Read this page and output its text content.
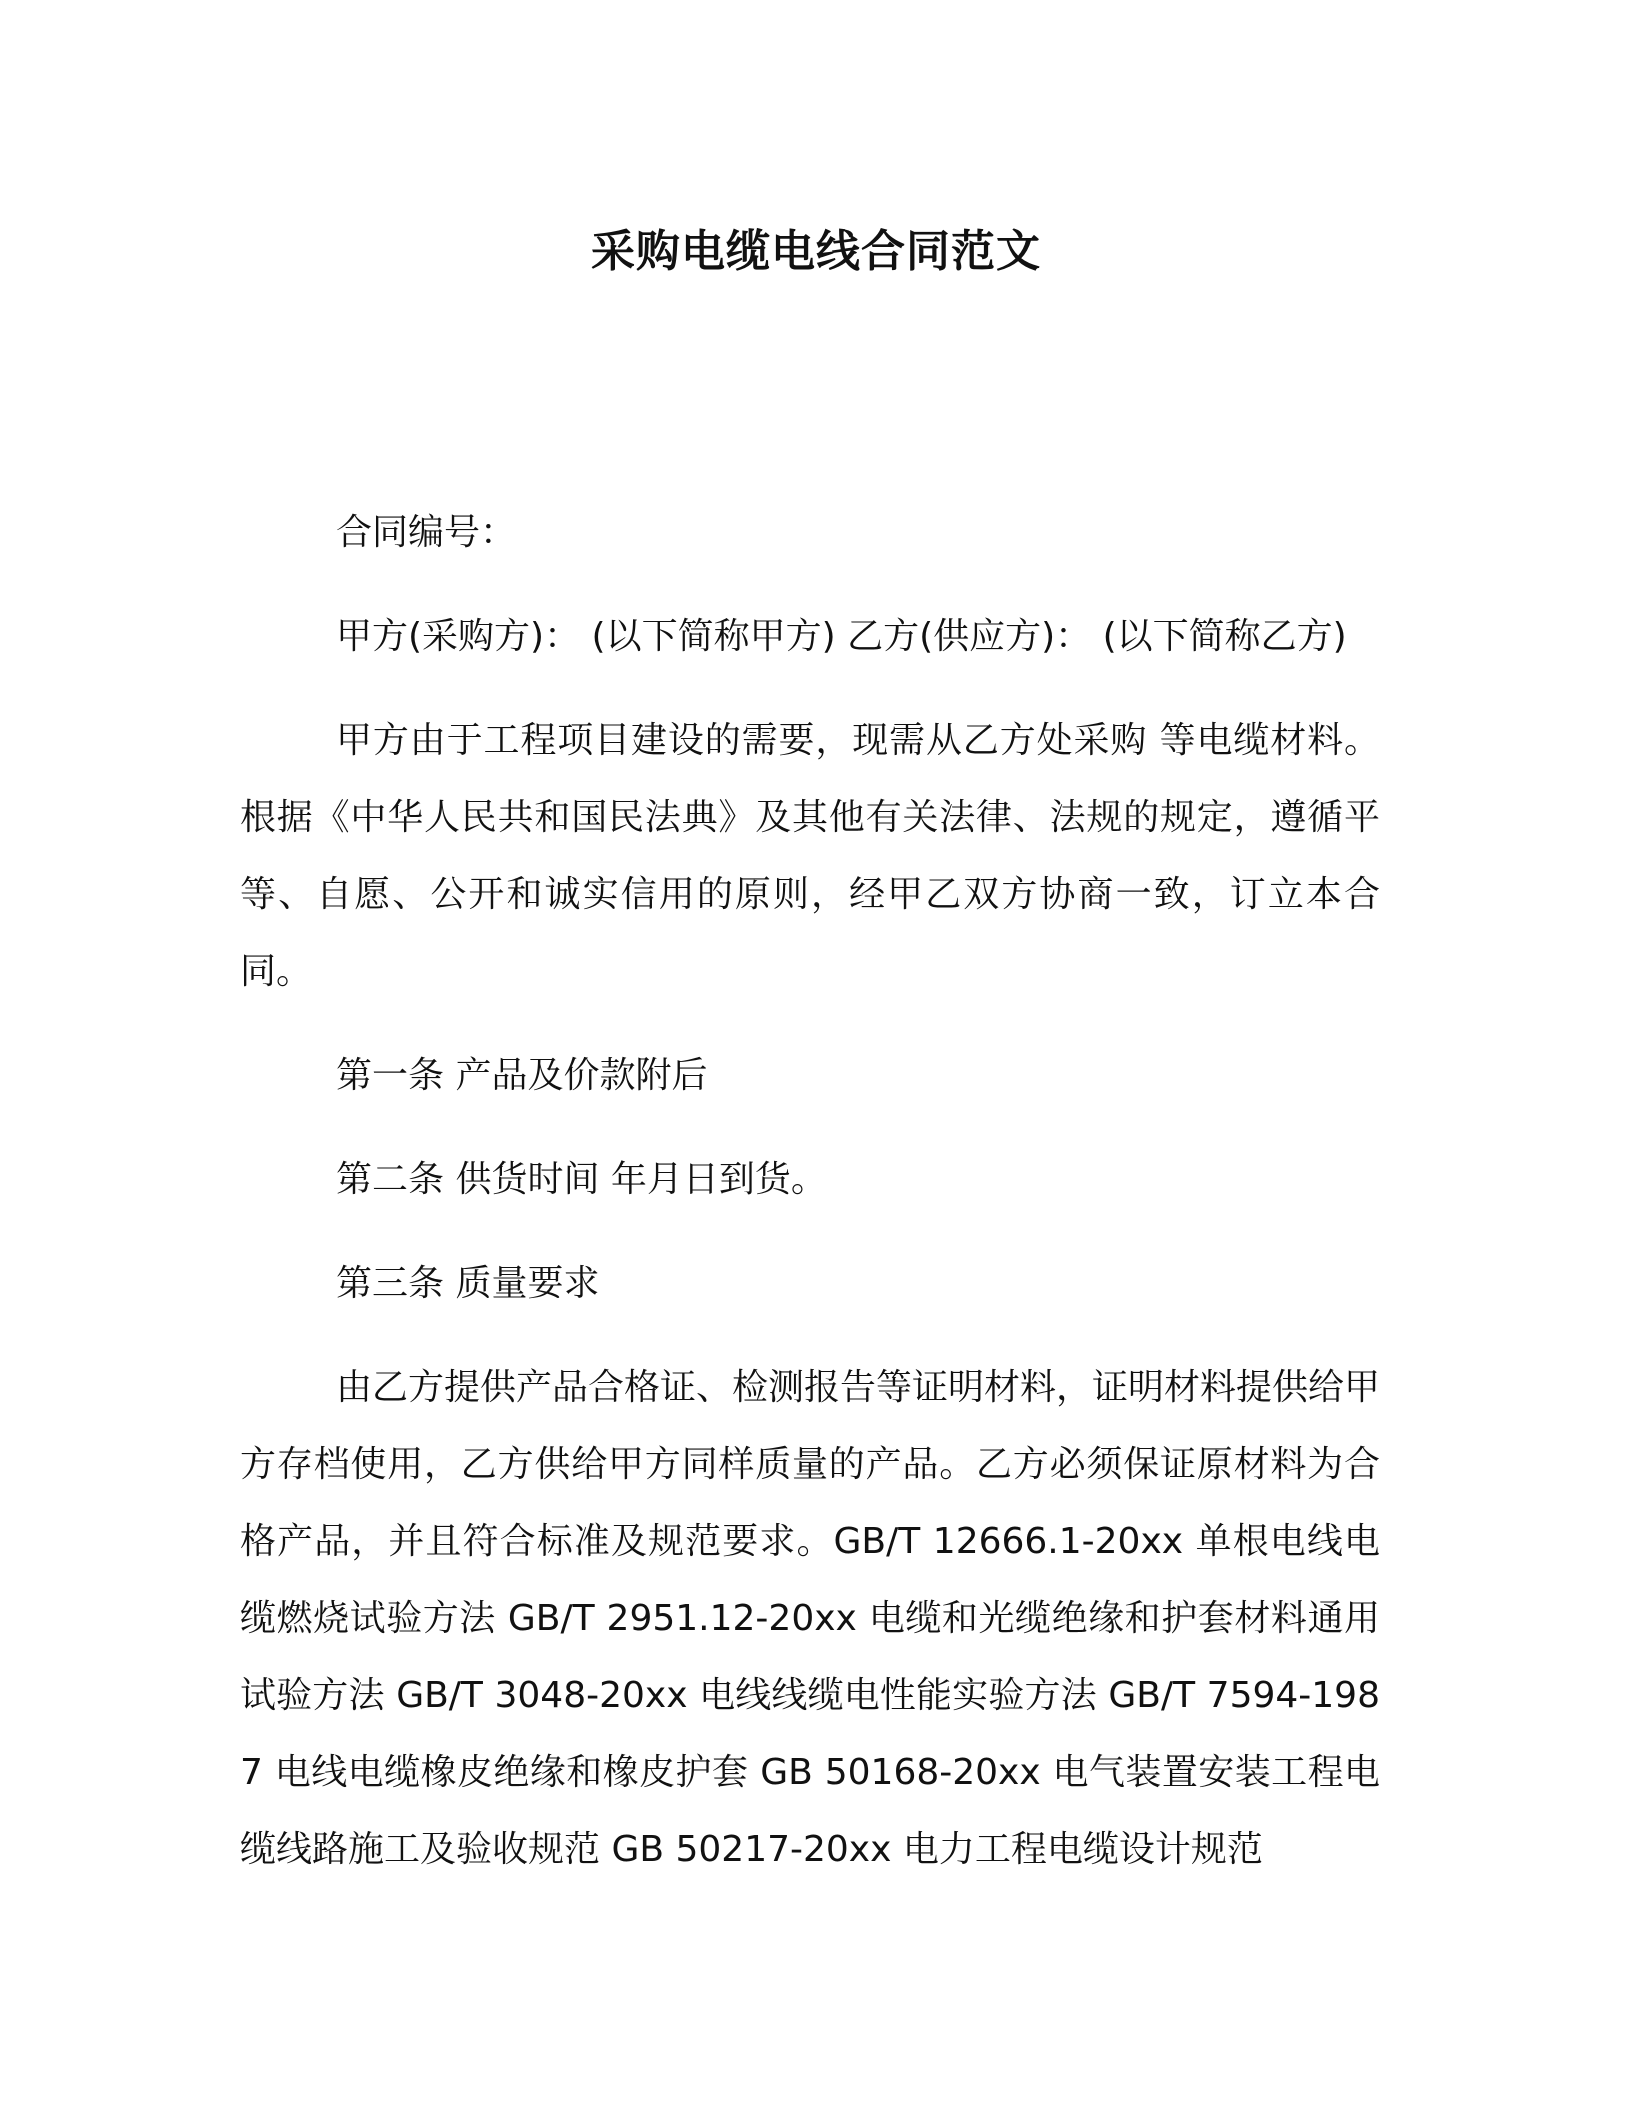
采购电缆电线合同范文

合同编号：

甲方(采购方)： (以下简称甲方) 乙方(供应方)： (以下简称乙方)

甲方由于工程项目建设的需要，现需从乙方处采购 等电缆材料。根据《中华人民共和国民法典》及其他有关法律、法规的规定，遵循平等、自愿、公开和诚实信用的原则，经甲乙双方协商一致，订立本合同。

第一条 产品及价款附后

第二条 供货时间 年月日到货。

第三条 质量要求

由乙方提供产品合格证、检测报告等证明材料，证明材料提供给甲方存档使用，乙方供给甲方同样质量的产品。乙方必须保证原材料为合格产品，并且符合标准及规范要求。GB/T 12666.1-20xx 单根电线电缆燃烧试验方法 GB/T 2951.12-20xx 电缆和光缆绝缘和护套材料通用试验方法 GB/T 3048-20xx 电线线缆电性能实验方法 GB/T 7594-1987 电线电缆橡皮绝缘和橡皮护套 GB 50168-20xx 电气装置安装工程电缆线路施工及验收规范 GB 50217-20xx 电力工程电缆设计规范
